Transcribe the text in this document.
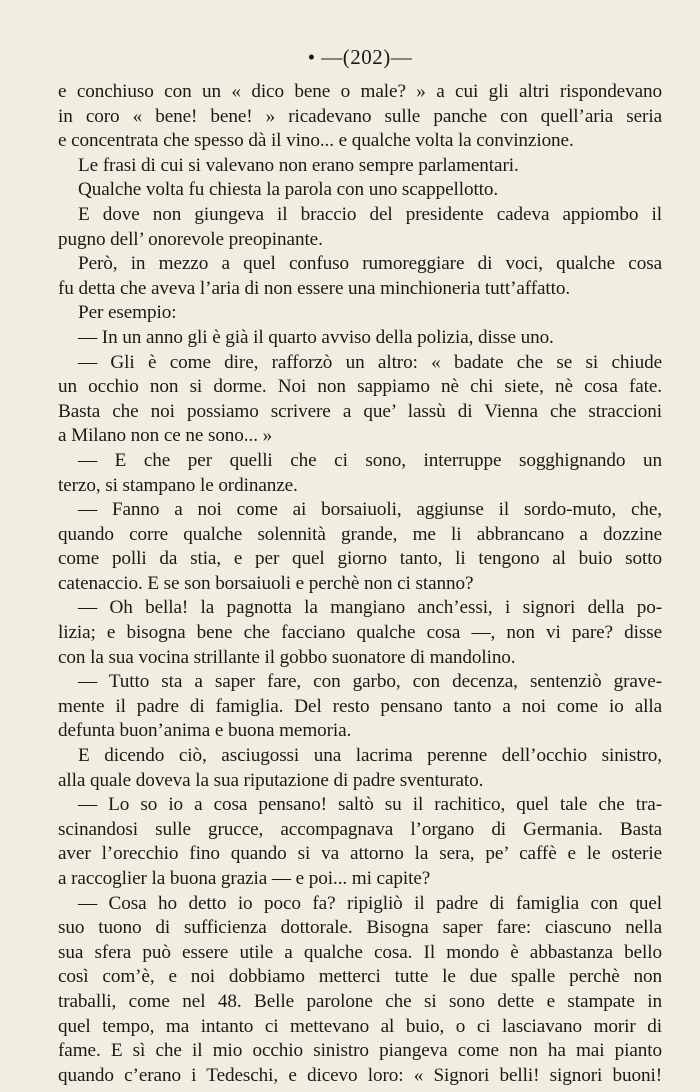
• —(202)—
e conchiuso con un « dico bene o male? » a cui gli altri rispondevano
in coro « bene! bene! » ricadevano sulle panche con quell’aria seria
e concentrata che spesso dà il vino... e qualche volta la convinzione.
Le frasi di cui si valevano non erano sempre parlamentari.
Qualche volta fu chiesta la parola con uno scappellotto.
E dove non giungeva il braccio del presidente cadeva appiombo il
pugno dell’ onorevole preopinante.
Però, in mezzo a quel confuso rumoreggiare di voci, qualche cosa
fu detta che aveva l’aria di non essere una minchioneria tutt’affatto.
Per esempio:
— In un anno gli è già il quarto avviso della polizia, disse uno.
— Gli è come dire, rafforzò un altro: « badate che se si chiude
un occhio non si dorme. Noi non sappiamo nè chi siete, nè cosa fate.
Basta che noi possiamo scrivere a que’ lassù di Vienna che straccioni
a Milano non ce ne sono... »
— E che per quelli che ci sono, interruppe sogghignando un
terzo, si stampano le ordinanze.
— Fanno a noi come ai borsaiuoli, aggiunse il sordo-muto, che,
quando corre qualche solennità grande, me li abbrancano a dozzine
come polli da stia, e per quel giorno tanto, li tengono al buio sotto
catenaccio. E se son borsaiuoli e perchè non ci stanno?
— Oh bella! la pagnotta la mangiano anch’essi, i signori della po-
lizia; e bisogna bene che facciano qualche cosa —, non vi pare? disse
con la sua vocina strillante il gobbo suonatore di mandolino.
— Tutto sta a saper fare, con garbo, con decenza, sentenziò grave-
mente il padre di famiglia. Del resto pensano tanto a noi come io alla
defunta buon’anima e buona memoria.
E dicendo ciò, asciugossi una lacrima perenne dell’occhio sinistro,
alla quale doveva la sua riputazione di padre sventurato.
— Lo so io a cosa pensano! saltò su il rachitico, quel tale che tra-
scinandosi sulle grucce, accompagnava l’organo di Germania. Basta
aver l’orecchio fino quando si va attorno la sera, pe’ caffè e le osterie
a raccoglier la buona grazia — e poi... mi capite?
— Cosa ho detto io poco fa? ripigliò il padre di famiglia con quel
suo tuono di sufficienza dottorale. Bisogna saper fare: ciascuno nella
sua sfera può essere utile a qualche cosa. Il mondo è abbastanza bello
così com’è, e noi dobbiamo metterci tutte le due spalle perchè non
traballi, come nel 48. Belle parolone che si sono dette e stampate in
quel tempo, ma intanto ci mettevano al buio, o ci lasciavano morir di
fame. E sì che il mio occhio sinistro piangeva come non ha mai pianto
quando c’erano i Tedeschi, e dicevo loro: « Signori belli! signori buoni!
